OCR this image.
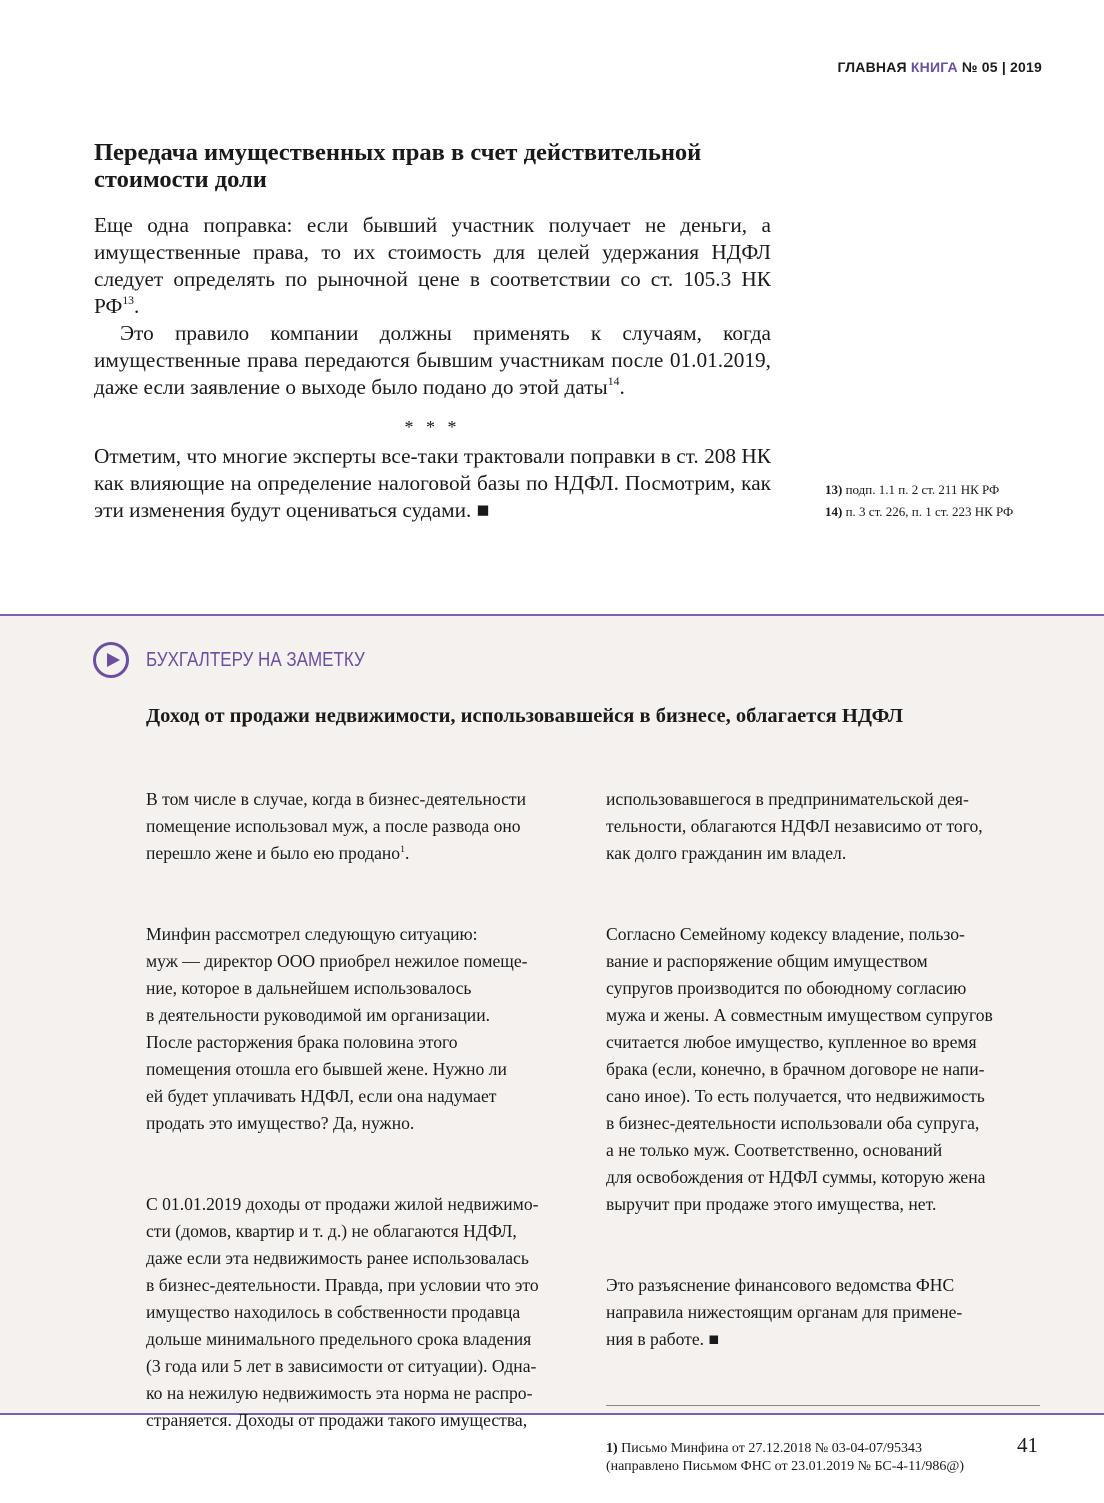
ГЛАВНАЯ КНИГА № 05 | 2019
Передача имущественных прав в счет действительной стоимости доли

Еще одна поправка: если бывший участник получает не деньги, а имущественные права, то их стоимость для целей удержания НДФЛ следует определять по рыночной цене в соответствии со ст. 105.3 НК РФ$^{13}$.

Это правило компании должны применять к случаям, когда имущественные права передаются бывшим участникам после 01.01.2019, даже если заявление о выходе было подано до этой даты$^{14}$.

* * *
Отметим, что многие эксперты все-таки трактовали поправки в ст. 208 НК как влияющие на определение налоговой базы по НДФЛ. Посмотрим, как эти изменения будут оцениваться судами. ■
13) подп. 1.1 п. 2 ст. 211 НК РФ
14) п. 3 ст. 226, п. 1 ст. 223 НК РФ
БУХГАЛТЕРУ НА ЗАМЕТКУ
Доход от продажи недвижимости, использовавшейся в бизнесе, облагается НДФЛ

В том числе в случае, когда в бизнес-деятельности
помещение использовал муж, а после развода оно
перешло жене и было ею продано$^1$.

Минфин рассмотрел следующую ситуацию:
муж — директор ООО приобрел нежилое помеще-
ние, которое в дальнейшем использовалось
в деятельности руководимой им организации.
После расторжения брака половина этого
помещения отошла его бывшей жене. Нужно ли
ей будет уплачивать НДФЛ, если она надумает
продать это имущество? Да, нужно.

С 01.01.2019 доходы от продажи жилой недвижимо-
сти (домов, квартир и т. д.) не облагаются НДФЛ,
даже если эта недвижимость ранее использовалась
в бизнес-деятельности. Правда, при условии что это
имущество находилось в собственности продавца
дольше минимального предельного срока владения
(3 года или 5 лет в зависимости от ситуации). Одна-
ко на нежилую недвижимость эта норма не распро-
страняется. Доходы от продажи такого имущества,

использовавшегося в предпринимательской дея-
тельности, облагаются НДФЛ независимо от того,
как долго гражданин им владел.

Согласно Семейному кодексу владение, пользо-
вание и распоряжение общим имуществом
супругов производится по обоюдному согласию
мужа и жены. А совместным имуществом супругов
считается любое имущество, купленное во время
брака (если, конечно, в брачном договоре не напи-
сано иное). То есть получается, что недвижимость
в бизнес-деятельности использовали оба супруга,
а не только муж. Соответственно, оснований
для освобождения от НДФЛ суммы, которую жена
выручит при продаже этого имущества, нет.

Это разъяснение финансового ведомства ФНС
направила нижестоящим органам для примене-
ния в работе. ■

1) Письмо Минфина от 27.12.2018 № 03-04-07/95343
(направлено Письмом ФНС от 23.01.2019 № БС-4-11/986@)

41
